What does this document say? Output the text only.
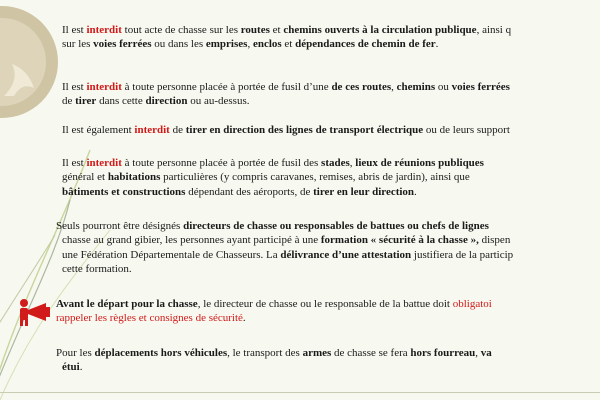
Il est interdit tout acte de chasse sur les routes et chemins ouverts à la circulation publique, ainsi q
sur les voies ferrées ou dans les emprises, enclos et dépendances de chemin de fer.
Il est interdit à toute personne placée à portée de fusil d’une de ces routes, chemins ou voies ferrées
de tirer dans cette direction ou au-dessus.
Il est également interdit de tirer en direction des lignes de transport électrique ou de leurs support
Il est interdit à toute personne placée à portée de fusil des stades, lieux de réunions publiques
général et habitations particulières (y compris caravanes, remises, abris de jardin), ainsi que
bâtiments et constructions dépendant des aéroports, de tirer en leur direction.
Seuls pourront être désignés directeurs de chasse ou responsables de battues ou chefs de lignes
chasse au grand gibier, les personnes ayant participé à une formation « sécurité à la chasse », dispen
une Fédération Départementale de Chasseurs. La délivrance d’une attestation justifiera de la particip
cette formation.
Avant le départ pour la chasse, le directeur de chasse ou le responsable de la battue doit obligatoi
rappeler les règles et consignes de sécurité.
Pour les déplacements hors véhicules, le transport des armes de chasse se fera hors fourreau, va
étui.
